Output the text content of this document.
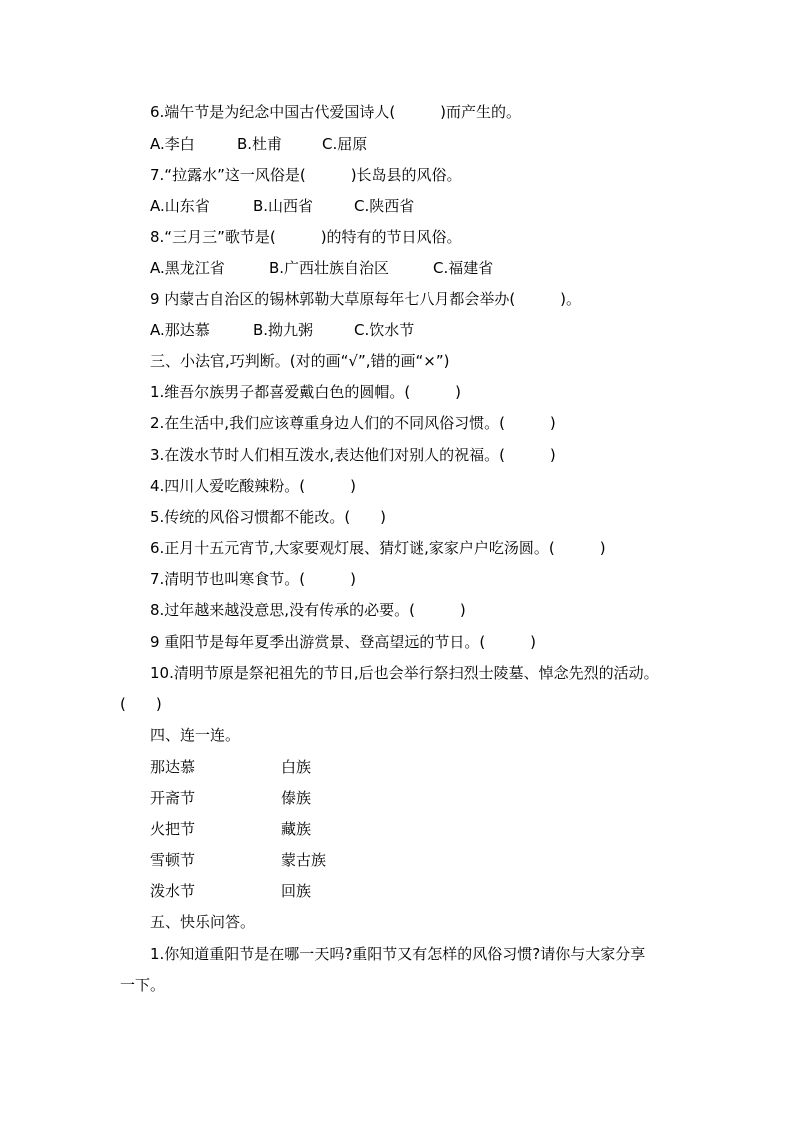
6.端午节是为纪念中国古代爱国诗人(　　　)而产生的。
A.李白	B.杜甫	C.屈原
7.“拉露水”这一风俗是(　　　)长岛县的风俗。
A.山东省	B.山西省	C.陕西省
8.“三月三”歌节是(　　　)的特有的节日风俗。
A.黑龙江省	B.广西壮族自治区	C.福建省
9 内蒙古自治区的锡林郭勒大草原每年七八月都会举办(　　　)。
A.那达慕	B.拗九粥	C.饮水节
三、小法官,巧判断。(对的画“√”,错的画“×”)
1.维吾尔族男子都喜爱戴白色的圆帽。(　　　)
2.在生活中,我们应该尊重身边人们的不同风俗习惯。(　　　)
3.在泼水节时人们相互泼水,表达他们对别人的祝福。(　　　)
4.四川人爱吃酸辣粉。(　　　)
5.传统的风俗习惯都不能改。(　　)
6.正月十五元宵节,大家要观灯展、猜灯谜,家家户户吃汤圆。(　　　)
7.清明节也叫寒食节。(　　　)
8.过年越来越没意思,没有传承的必要。(　　　)
9 重阳节是每年夏季出游赏景、登高望远的节日。(　　　)
10.清明节原是祭祀祖先的节日,后也会举行祭扫烈士陵墓、悼念先烈的活动。
(　　)
四、连一连。
那达慕	白族
开斋节	傣族
火把节	藏族
雪顿节	蒙古族
泼水节	回族
五、快乐问答。
1.你知道重阳节是在哪一天吗?重阳节又有怎样的风俗习惯?请你与大家分享
一下。
